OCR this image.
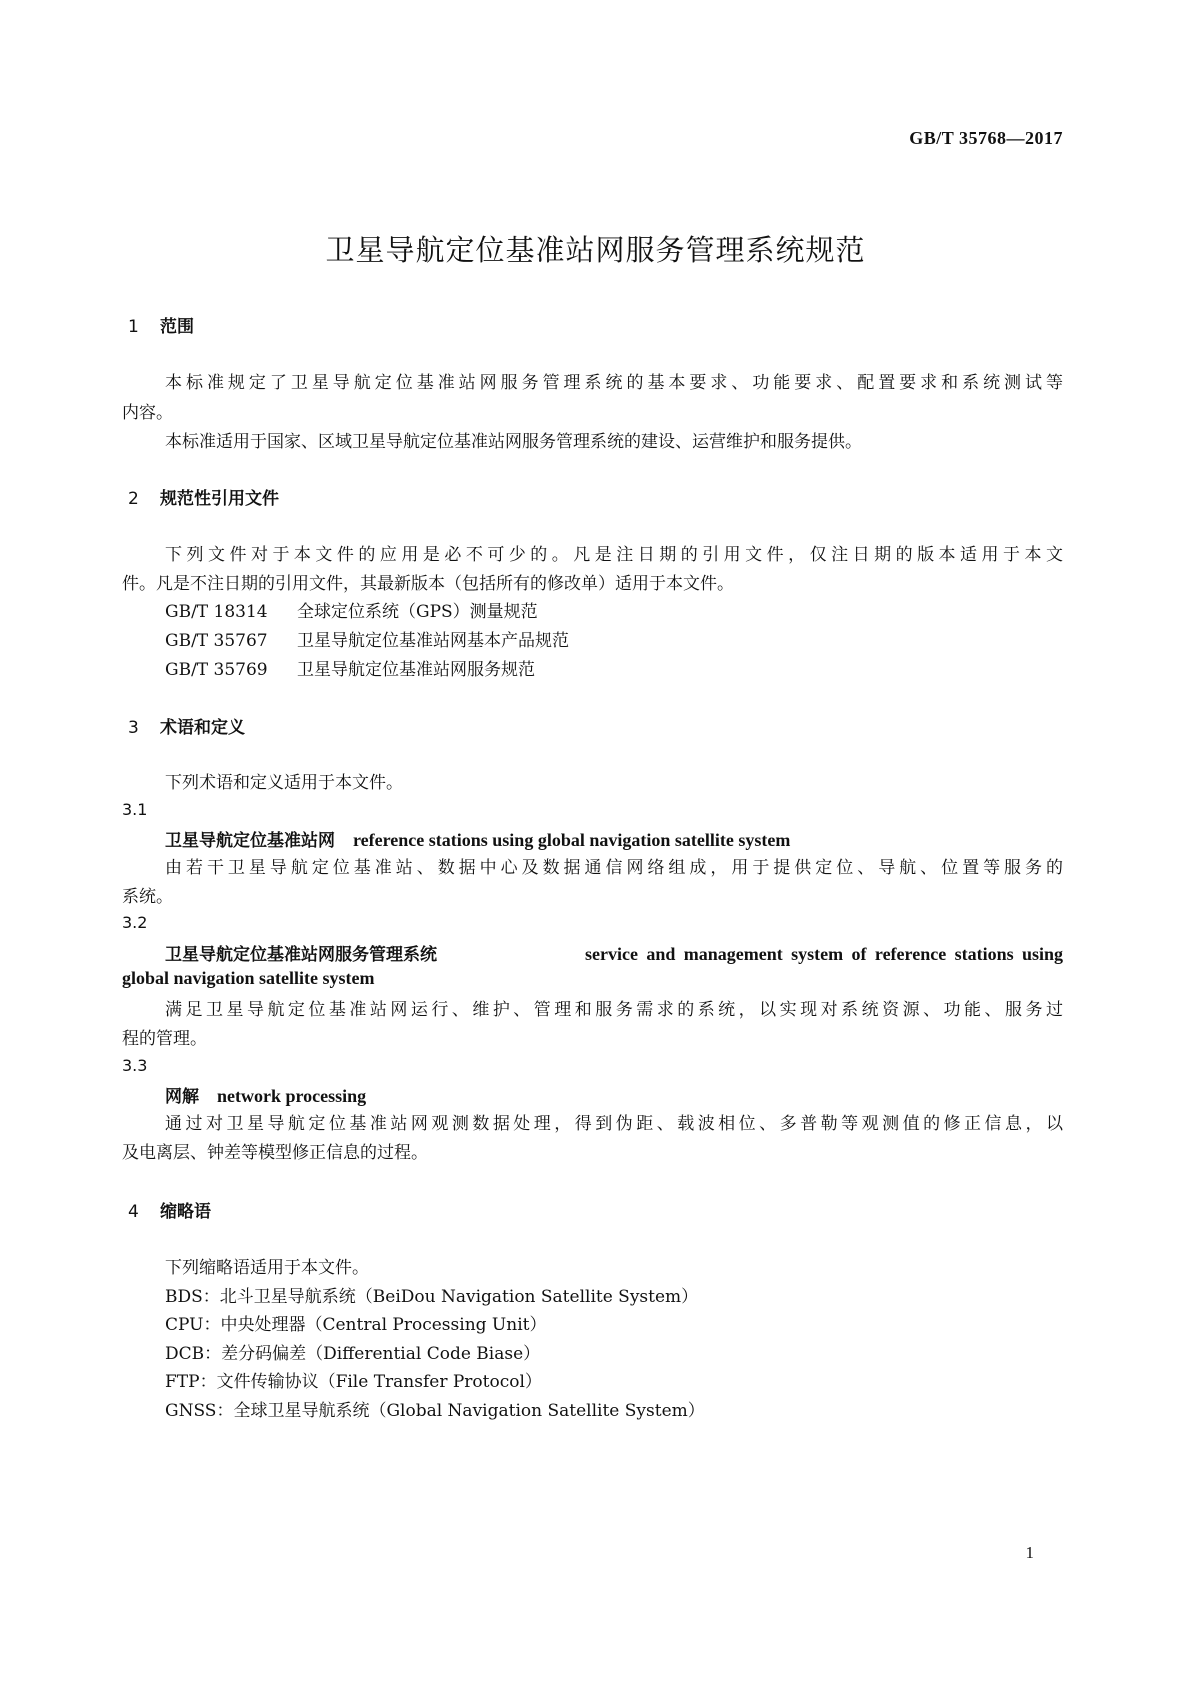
GB/T 35768—2017
卫星导航定位基准站网服务管理系统规范
1 范围
本标准规定了卫星导航定位基准站网服务管理系统的基本要求、功能要求、配置要求和系统测试等
内容。
本标准适用于国家、区域卫星导航定位基准站网服务管理系统的建设、运营维护和服务提供。
2 规范性引用文件
下列文件对于本文件的应用是必不可少的。凡是注日期的引用文件，仅注日期的版本适用于本文
件。凡是不注日期的引用文件，其最新版本（包括所有的修改单）适用于本文件。
GB/T 18314 全球定位系统（GPS）测量规范
GB/T 35767 卫星导航定位基准站网基本产品规范
GB/T 35769 卫星导航定位基准站网服务规范
3 术语和定义
下列术语和定义适用于本文件。
3.1
卫星导航定位基准站网 reference stations using global navigation satellite system
由若干卫星导航定位基准站、数据中心及数据通信网络组成，用于提供定位、导航、位置等服务的
系统。
3.2
卫星导航定位基准站网服务管理系统	service and management system of reference stations using
global navigation satellite system
满足卫星导航定位基准站网运行、维护、管理和服务需求的系统，以实现对系统资源、功能、服务过
程的管理。
3.3
网解 network processing
通过对卫星导航定位基准站网观测数据处理，得到伪距、载波相位、多普勒等观测值的修正信息，以
及电离层、钟差等模型修正信息的过程。
4 缩略语
下列缩略语适用于本文件。
BDS：北斗卫星导航系统（BeiDou Navigation Satellite System）
CPU：中央处理器（Central Processing Unit）
DCB：差分码偏差（Differential Code Biase）
FTP：文件传输协议（File Transfer Protocol）
GNSS：全球卫星导航系统（Global Navigation Satellite System）
1
